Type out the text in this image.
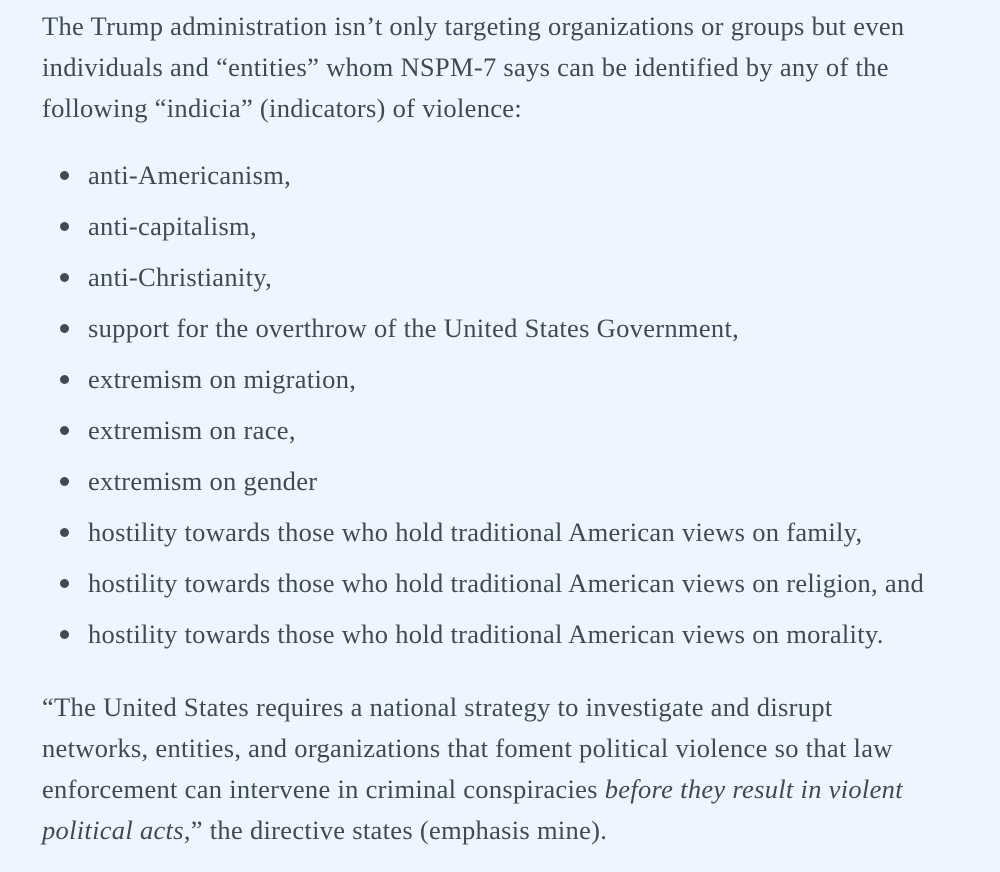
The Trump administration isn’t only targeting organizations or groups but even individuals and “entities” whom NSPM-7 says can be identified by any of the following “indicia” (indicators) of violence:

anti-Americanism,
anti-capitalism,
anti-Christianity,
support for the overthrow of the United States Government,
extremism on migration,
extremism on race,
extremism on gender
hostility towards those who hold traditional American views on family,
hostility towards those who hold traditional American views on religion, and
hostility towards those who hold traditional American views on morality.

“The United States requires a national strategy to investigate and disrupt networks, entities, and organizations that foment political violence so that law enforcement can intervene in criminal conspiracies before they result in violent political acts,” the directive states (emphasis mine).
